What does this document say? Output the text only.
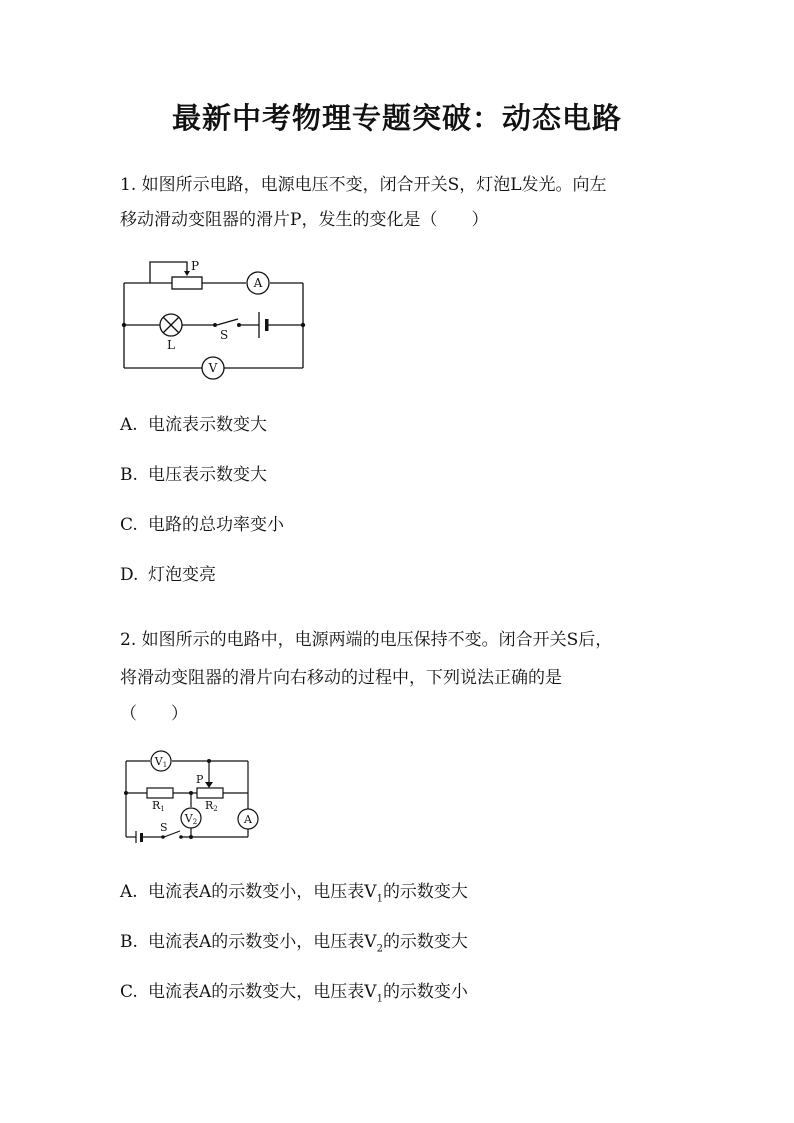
最新中考物理专题突破：动态电路
1. 如图所示电路，电源电压不变，闭合开关S，灯泡L发光。向左
移动滑动变阻器的滑片P，发生的变化是（　　）
P
A
L
S
V
A. 电流表示数变大
B. 电压表示数变大
C. 电路的总功率变小
D. 灯泡变亮
2. 如图所示的电路中，电源两端的电压保持不变。闭合开关S后，
将滑动变阻器的滑片向右移动的过程中，下列说法正确的是
（　　）
V1
P
R1	R2
V2	A
S
A. 电流表A的示数变小，电压表$V_1$的示数变大
B. 电流表A的示数变小，电压表$V_2$的示数变大
C. 电流表A的示数变大，电压表$V_1$的示数变小
